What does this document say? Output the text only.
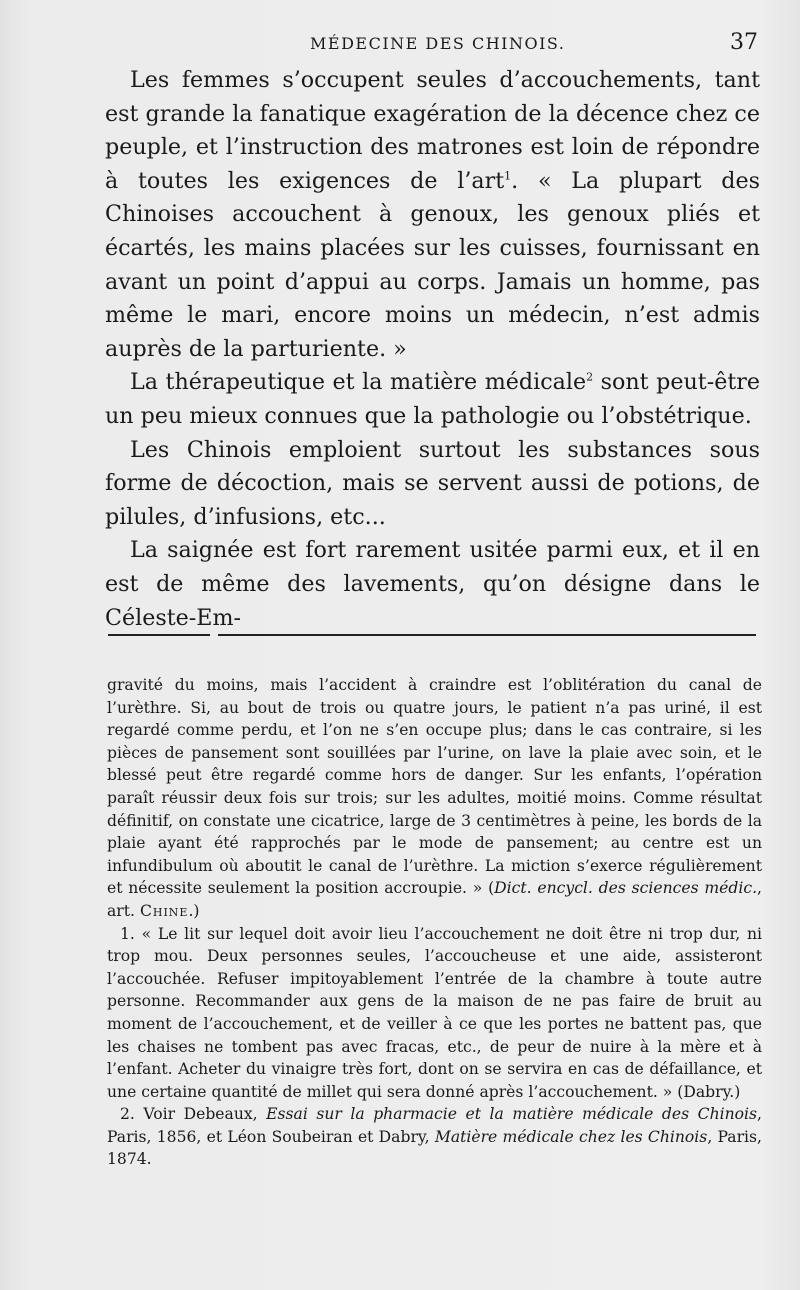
MÉDECINE DES CHINOIS.	37

Les femmes s’occupent seules d’accouchements, tant est grande la fanatique exagération de la décence chez ce peuple, et l’instruction des matrones est loin de répondre à toutes les exigences de l’art$^1$. « La plupart des Chinoises accouchent à genoux, les genoux pliés et écartés, les mains placées sur les cuisses, fournissant en avant un point d’appui au corps. Jamais un homme, pas même le mari, encore moins un médecin, n’est admis auprès de la parturiente. »

La thérapeutique et la matière médicale$^2$ sont peut-être un peu mieux connues que la pathologie ou l’obstétrique.

Les Chinois emploient surtout les substances sous forme de décoction, mais se servent aussi de potions, de pilules, d’infusions, etc...

La saignée est fort rarement usitée parmi eux, et il en est de même des lavements, qu’on désigne dans le Céleste-Em-

gravité du moins, mais l’accident à craindre est l’oblitération du canal de l’urèthre. Si, au bout de trois ou quatre jours, le patient n’a pas uriné, il est regardé comme perdu, et l’on ne s’en occupe plus; dans le cas contraire, si les pièces de pansement sont souillées par l’urine, on lave la plaie avec soin, et le blessé peut être regardé comme hors de danger. Sur les enfants, l’opération paraît réussir deux fois sur trois; sur les adultes, moitié moins. Comme résultat définitif, on constate une cicatrice, large de 3 centimètres à peine, les bords de la plaie ayant été rapprochés par le mode de pansement; au centre est un infundibulum où aboutit le canal de l’urèthre. La miction s’exerce régulièrement et nécessite seulement la position accroupie. » (Dict. encycl. des sciences médic., art. Chine.)

1. « Le lit sur lequel doit avoir lieu l’accouchement ne doit être ni trop dur, ni trop mou. Deux personnes seules, l’accoucheuse et une aide, assisteront l’accouchée. Refuser impitoyablement l’entrée de la chambre à toute autre personne. Recommander aux gens de la maison de ne pas faire de bruit au moment de l’accouchement, et de veiller à ce que les portes ne battent pas, que les chaises ne tombent pas avec fracas, etc., de peur de nuire à la mère et à l’enfant. Acheter du vinaigre très fort, dont on se servira en cas de défaillance, et une certaine quantité de millet qui sera donné après l’accouchement. » (Dabry.)

2. Voir Debeaux, Essai sur la pharmacie et la matière médicale des Chinois, Paris, 1856, et Léon Soubeiran et Dabry, Matière médicale chez les Chinois, Paris, 1874.
